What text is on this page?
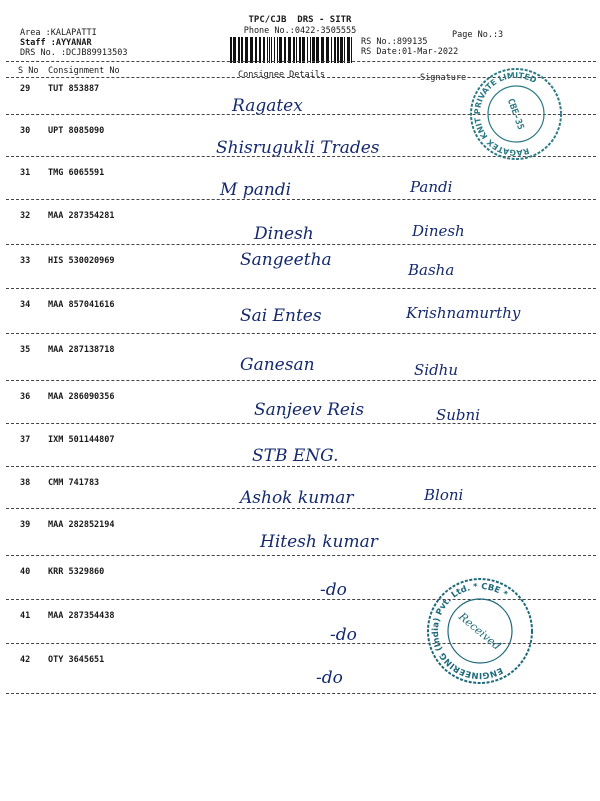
TPC/CJB  DRS - SITR
Phone No.:0422-3505555
Area :KALAPATTI
Staff :AYYANAR
DRS No. :DCJB89913503
RS No.:899135
RS Date:01-Mar-2022
Page No.:3
S No Consignment No	Consignee Details	Signature
29 TUT 853887
Ragatex
30 UPT 8085090
Shisrugukli Trades
31 TMG 6065591
M pandi	Pandi
32 MAA 287354281
Dinesh	Dinesh
33 HIS 530020969	Sangeetha	Basha
34 MAA 857041616
Sai Entes	Krishnamurthy
35 MAA 287138718
Ganesan	Sidhu
36 MAA 286090356
Sanjeev Reis	Subni
37 IXM 501144807
STB ENG.
38 CMM 741783
Ashok kumar	Bloni
39 MAA 282852194
Hitesh kumar
40 KRR 5329860
-do
41 MAA 287354438
-do
42 OTY 3645651
-do
RAGATEX KNIT PRIVATE LIMITED
CBE-35
ENGINEERING (India) Pvt. Ltd. * CBE *
Received
